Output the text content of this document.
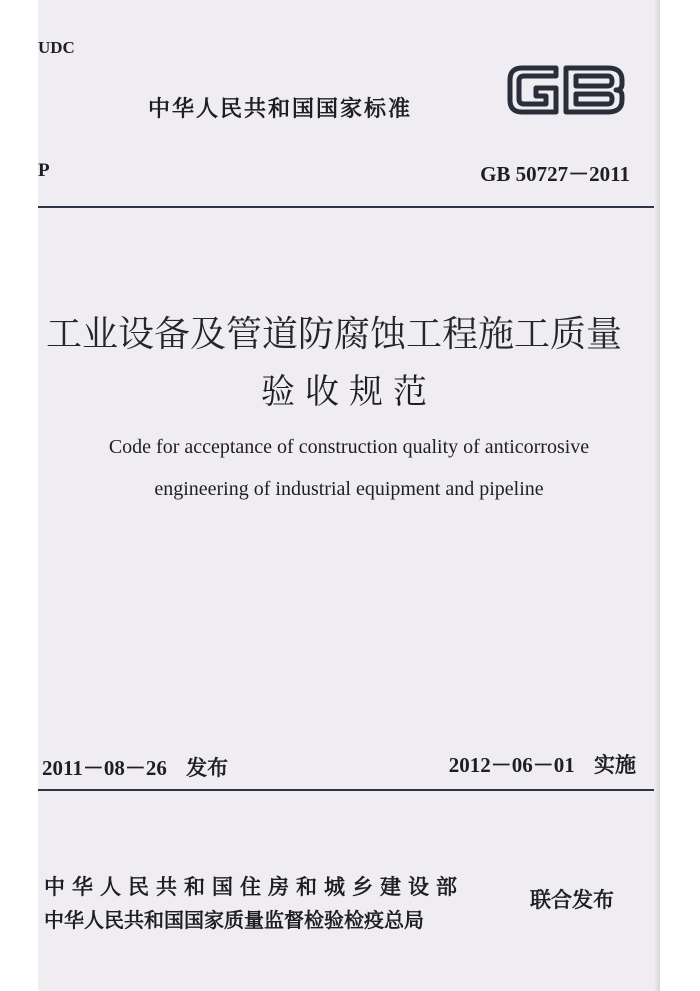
UDC
中华人民共和国国家标准
GB
P	GB 50727－2011
工业设备及管道防腐蚀工程施工质量
验收规范
Code for acceptance of construction quality of anticorrosive
engineering of industrial equipment and pipeline
2011－08－26 发布	2012－06－01 实施
中华人民共和国住房和城乡建设部
中华人民共和国国家质量监督检验检疫总局
联合发布
